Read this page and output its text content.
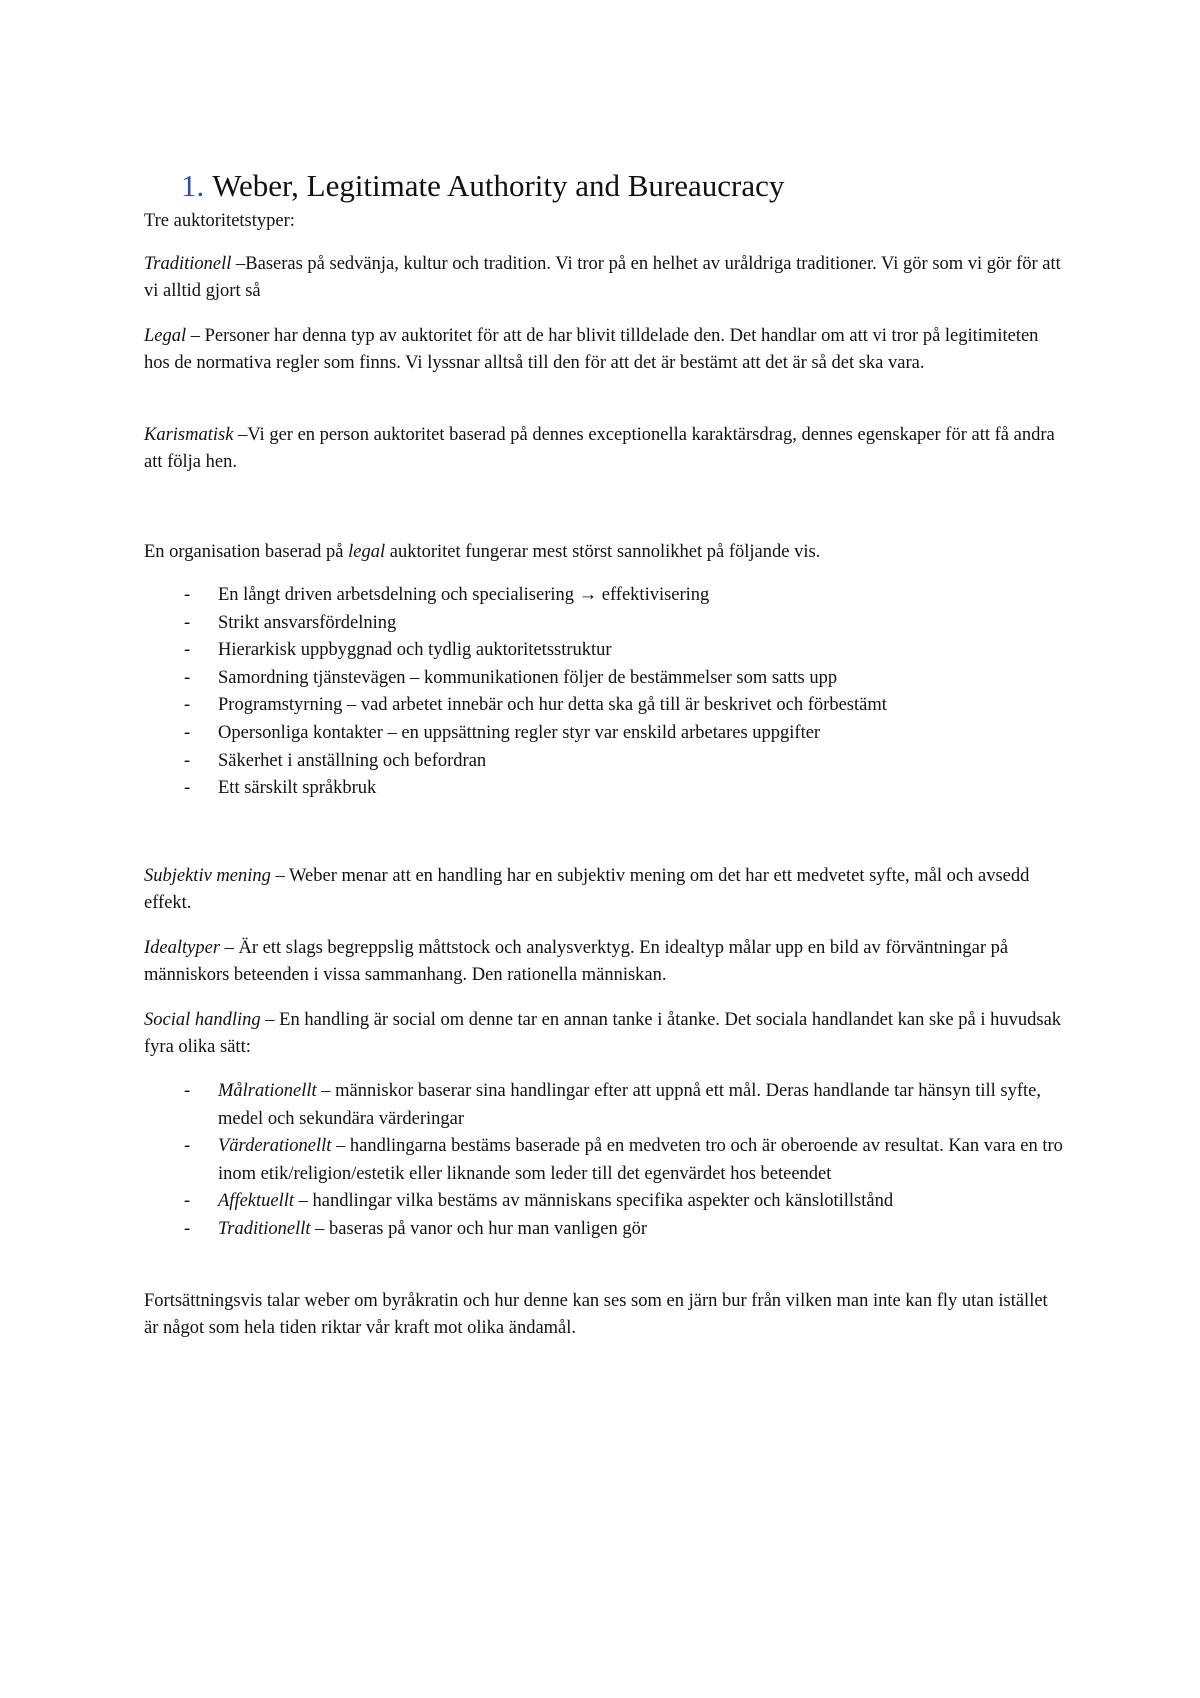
1. Weber, Legitimate Authority and Bureaucracy
Tre auktoritetstyper:
Traditionell –Baseras på sedvänja, kultur och tradition. Vi tror på en helhet av uråldriga traditioner. Vi gör som vi gör för att vi alltid gjort så
Legal – Personer har denna typ av auktoritet för att de har blivit tilldelade den. Det handlar om att vi tror på legitimiteten hos de normativa regler som finns. Vi lyssnar alltså till den för att det är bestämt att det är så det ska vara.
Karismatisk –Vi ger en person auktoritet baserad på dennes exceptionella karaktärsdrag, dennes egenskaper för att få andra att följa hen.
En organisation baserad på legal auktoritet fungerar mest störst sannolikhet på följande vis.
- En långt driven arbetsdelning och specialisering → effektivisering
- Strikt ansvarsfördelning
- Hierarkisk uppbyggnad och tydlig auktoritetsstruktur
- Samordning tjänstevägen – kommunikationen följer de bestämmelser som satts upp
- Programstyrning – vad arbetet innebär och hur detta ska gå till är beskrivet och förbestämt
- Opersonliga kontakter – en uppsättning regler styr var enskild arbetares uppgifter
- Säkerhet i anställning och befordran
- Ett särskilt språkbruk
Subjektiv mening – Weber menar att en handling har en subjektiv mening om det har ett medvetet syfte, mål och avsedd effekt.
Idealtyper – Är ett slags begreppslig måttstock och analysverktyg. En idealtyp målar upp en bild av förväntningar på människors beteenden i vissa sammanhang. Den rationella människan.
Social handling – En handling är social om denne tar en annan tanke i åtanke. Det sociala handlandet kan ske på i huvudsak fyra olika sätt:
- Målrationellt – människor baserar sina handlingar efter att uppnå ett mål. Deras handlande tar hänsyn till syfte, medel och sekundära värderingar
- Värderationellt – handlingarna bestäms baserade på en medveten tro och är oberoende av resultat. Kan vara en tro inom etik/religion/estetik eller liknande som leder till det egenvärdet hos beteendet
- Affektuellt – handlingar vilka bestäms av människans specifika aspekter och känslotillstånd
- Traditionellt – baseras på vanor och hur man vanligen gör
Fortsättningsvis talar weber om byråkratin och hur denne kan ses som en järn bur från vilken man inte kan fly utan istället är något som hela tiden riktar vår kraft mot olika ändamål.
